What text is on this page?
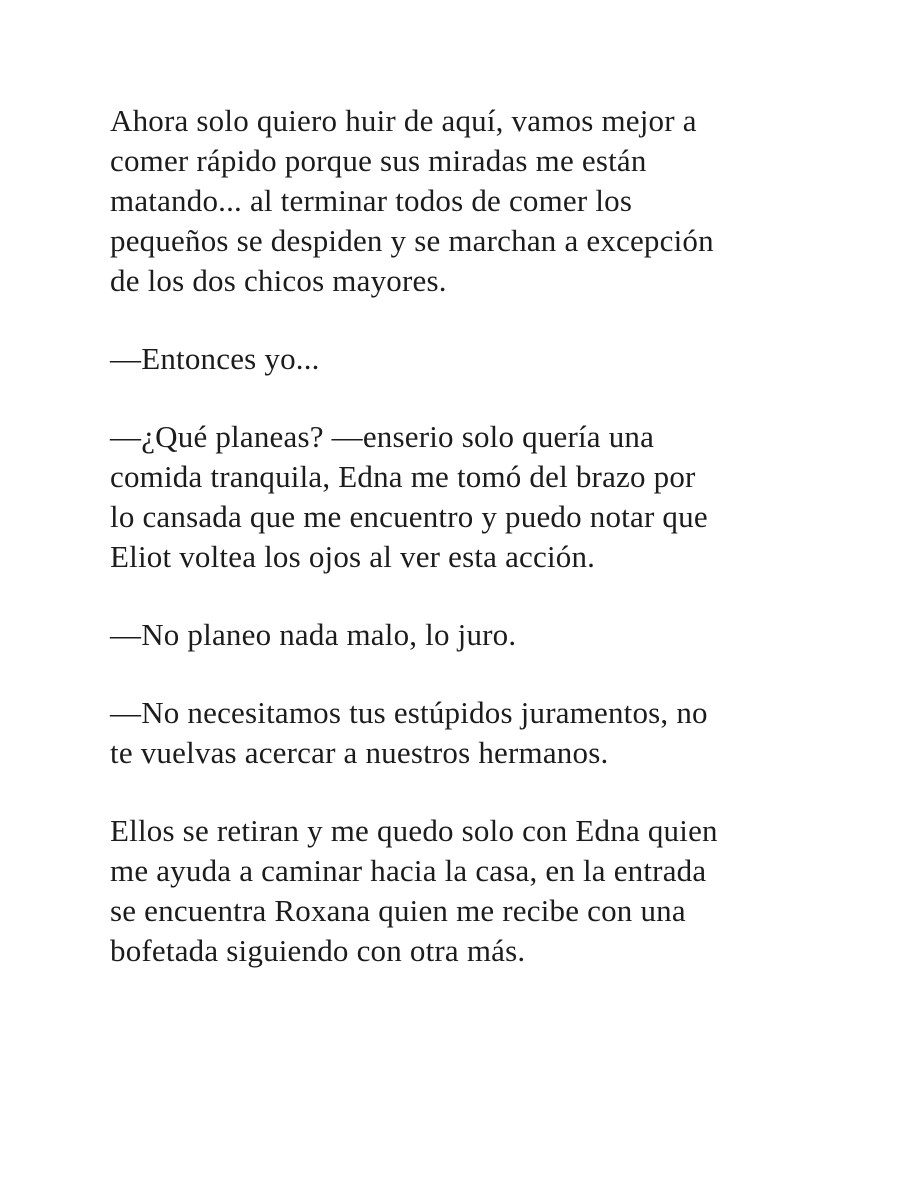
Ahora solo quiero huir de aquí, vamos mejor a
comer rápido porque sus miradas me están
matando... al terminar todos de comer los
pequeños se despiden y se marchan a excepción
de los dos chicos mayores.

—Entonces yo...

—¿Qué planeas? —enserio solo quería una
comida tranquila, Edna me tomó del brazo por
lo cansada que me encuentro y puedo notar que
Eliot voltea los ojos al ver esta acción.

—No planeo nada malo, lo juro.

—No necesitamos tus estúpidos juramentos, no
te vuelvas acercar a nuestros hermanos.

Ellos se retiran y me quedo solo con Edna quien
me ayuda a caminar hacia la casa, en la entrada
se encuentra Roxana quien me recibe con una
bofetada siguiendo con otra más.
